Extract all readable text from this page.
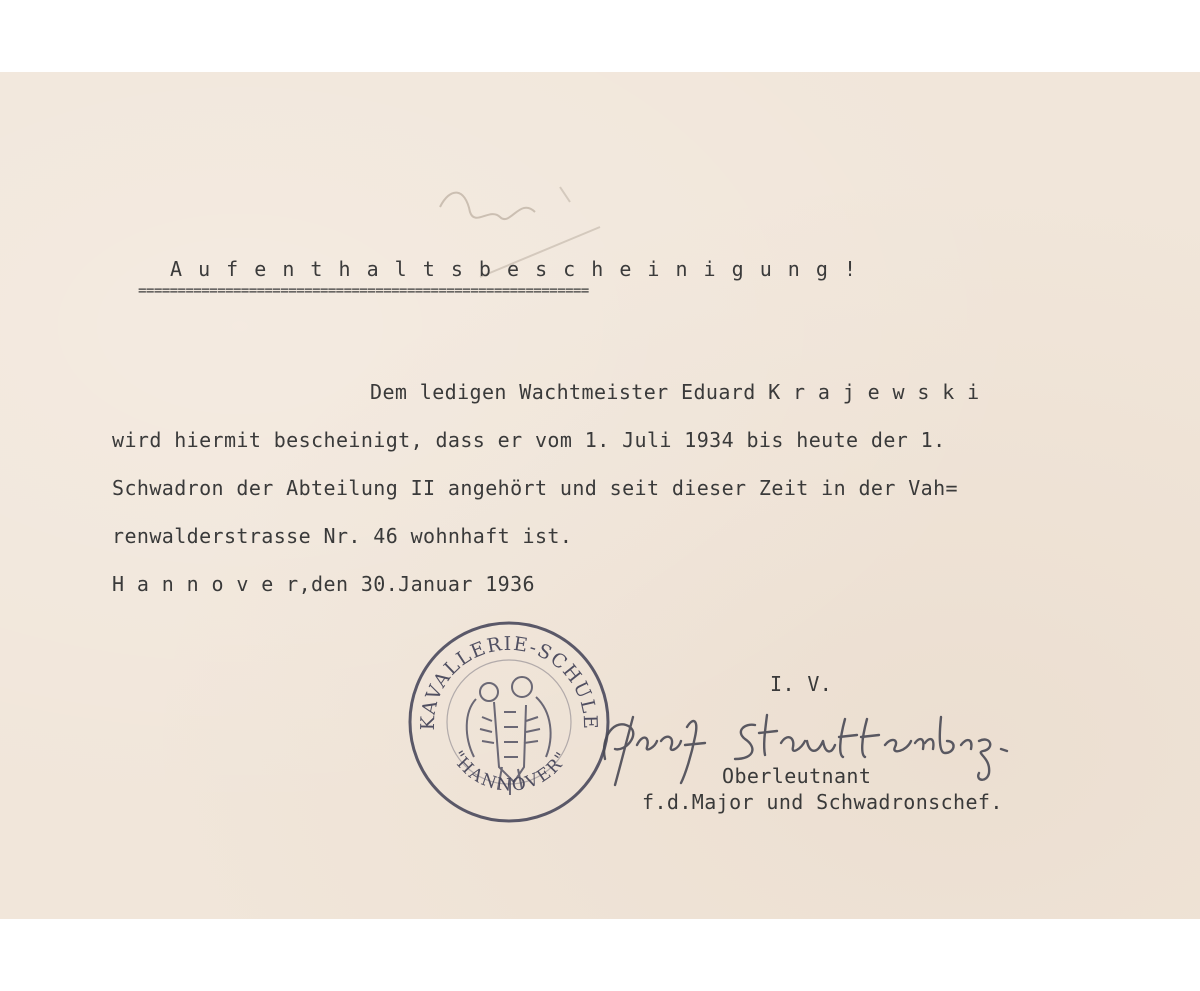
A u f e n t h a l t s b e s c h e i n i g u n g !
=========================================================
Dem ledigen Wachtmeister Eduard K r a j e w s k i
wird hiermit bescheinigt, dass er vom 1. Juli 1934 bis heute der 1.
Schwadron der Abteilung II angehört und seit dieser Zeit in der Vah=
renwalderstrasse Nr. 46 wohnhaft ist.
H a n n o v e r,den 30.Januar 1936
KAVALLERIE-SCHULE
"HANNOVER"
I. V.
Oberleutnant
f.d.Major und Schwadronschef.
